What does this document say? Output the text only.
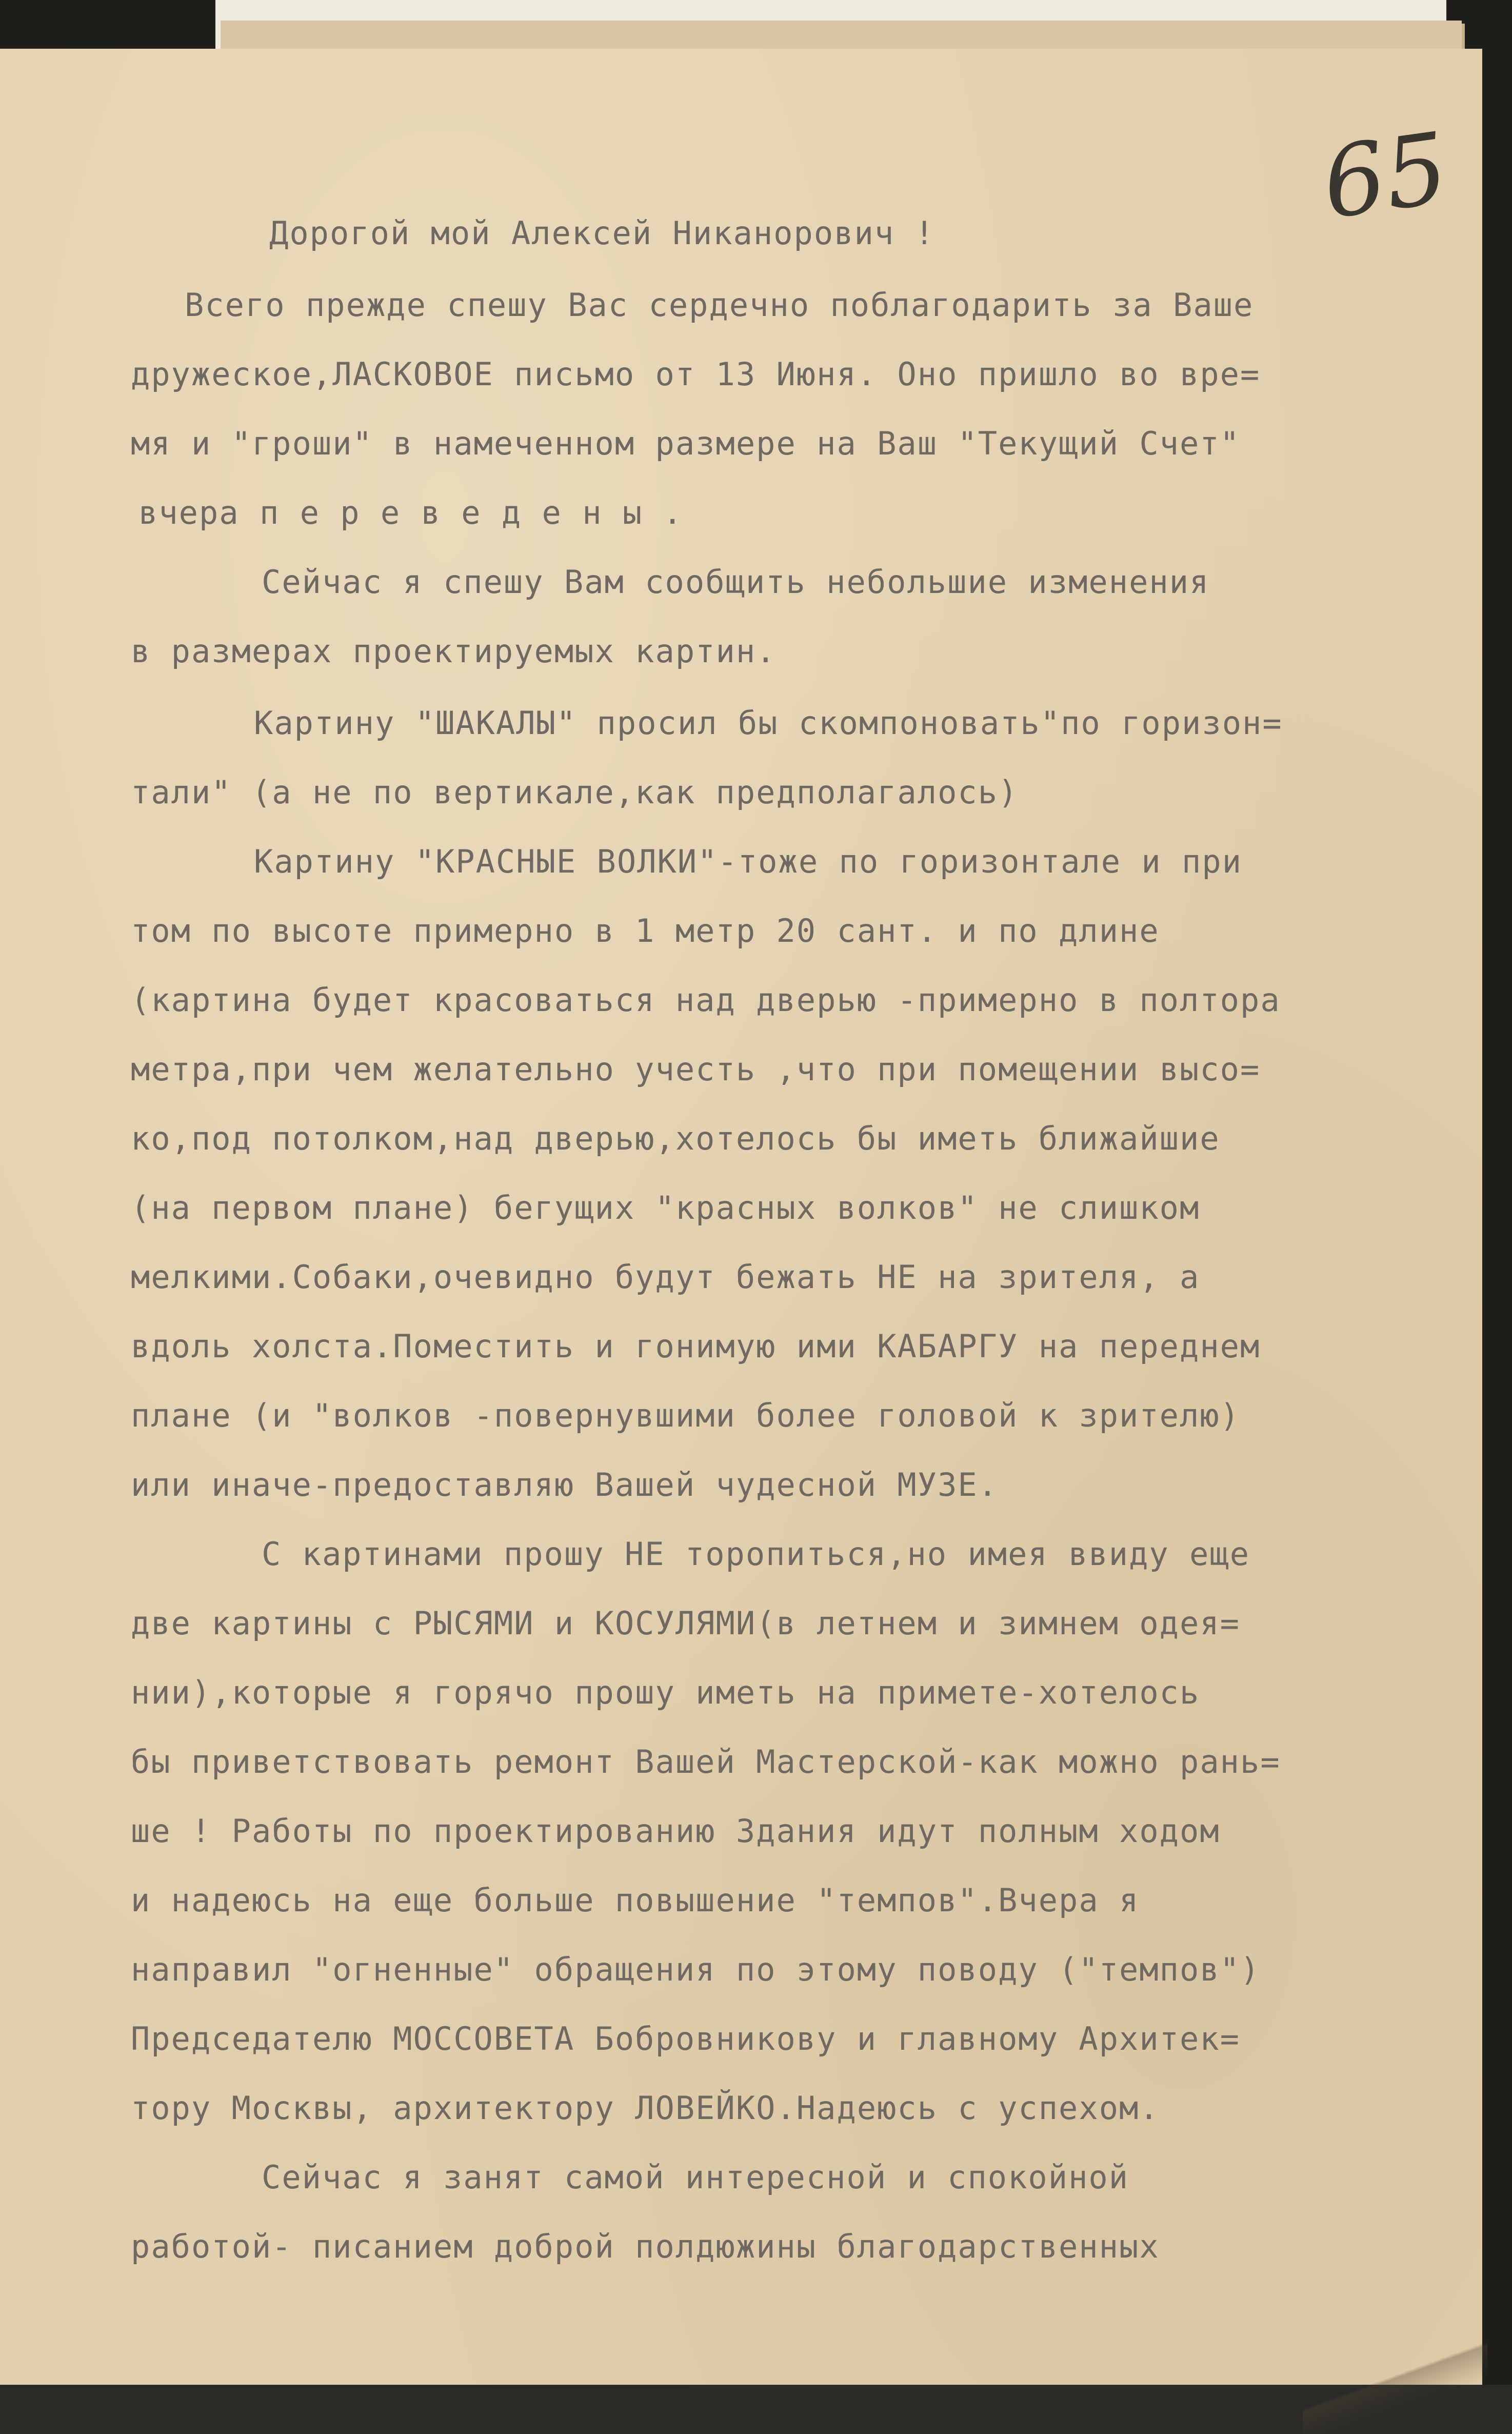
65
Дорогой мой Алексей Никанорович !
Всего прежде спешу Вас сердечно поблагодарить за Ваше
дружеское,ЛАСКОВОЕ письмо от 13 Июня. Оно пришло во вре=
мя и "гроши" в намеченном размере на Ваш "Текущий Счет"
вчера п е р е в е д е н ы .
Сейчас я спешу Вам сообщить небольшие изменения
в размерах проектируемых картин.
Картину "ШАКАЛЫ" просил бы скомпоновать"по горизон=
тали" (а не по вертикале,как предполагалось)
Картину "КРАСНЫЕ ВОЛКИ"-тоже по горизонтале и при
том по высоте примерно в 1 метр 20 сант. и по длине
(картина будет красоваться над дверью -примерно в полтора
метра,при чем желательно учесть ,что при помещении высо=
ко,под потолком,над дверью,хотелось бы иметь ближайшие
(на первом плане) бегущих "красных волков" не слишком
мелкими.Собаки,очевидно будут бежать НЕ на зрителя, а
вдоль холста.Поместить и гонимую ими КАБАРГУ на переднем
плане (и "волков -повернувшими более головой к зрителю)
или иначе-предоставляю Вашей чудесной МУЗЕ.
С картинами прошу НЕ торопиться,но имея ввиду еще
две картины с РЫСЯМИ и КОСУЛЯМИ(в летнем и зимнем одея=
нии),которые я горячо прошу иметь на примете-хотелось
бы приветствовать ремонт Вашей Мастерской-как можно рань=
ше ! Работы по проектированию Здания идут полным ходом
и надеюсь на еще больше повышение "темпов".Вчера я
направил "огненные" обращения по этому поводу ("темпов")
Председателю МОССОВЕТА Бобровникову и главному Архитек=
тору Москвы, архитектору ЛОВЕЙКО.Надеюсь с успехом.
Сейчас я занят самой интересной и спокойной
работой- писанием доброй полдюжины благодарственных
